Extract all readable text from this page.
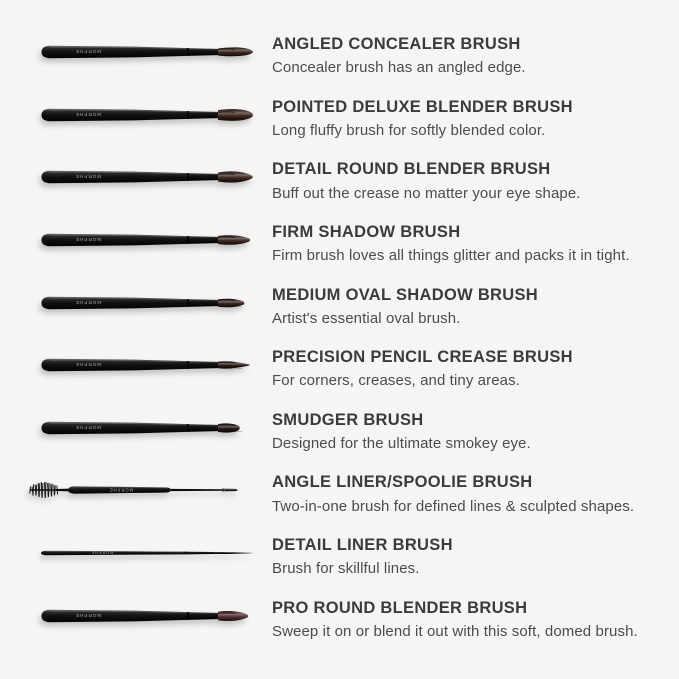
MORPHE	ANGLED CONCEALER BRUSH

Concealer brush has an angled edge.

MORPHE	POINTED DELUXE BLENDER BRUSH

Long fluffy brush for softly blended color.

MORPHE	DETAIL ROUND BLENDER BRUSH

Buff out the crease no matter your eye shape.

MORPHE	FIRM SHADOW BRUSH

Firm brush loves all things glitter and packs it in tight.

MORPHE	MEDIUM OVAL SHADOW BRUSH

Artist's essential oval brush.

MORPHE	PRECISION PENCIL CREASE BRUSH

For corners, creases, and tiny areas.

MORPHE	SMUDGER BRUSH

Designed for the ultimate smokey eye.

MORPHE	ANGLE LINER/SPOOLIE BRUSH

Two-in-one brush for defined lines & sculpted shapes.

MORPHE	DETAIL LINER BRUSH

Brush for skillful lines.

MORPHE	PRO ROUND BLENDER BRUSH

Sweep it on or blend it out with this soft, domed brush.
